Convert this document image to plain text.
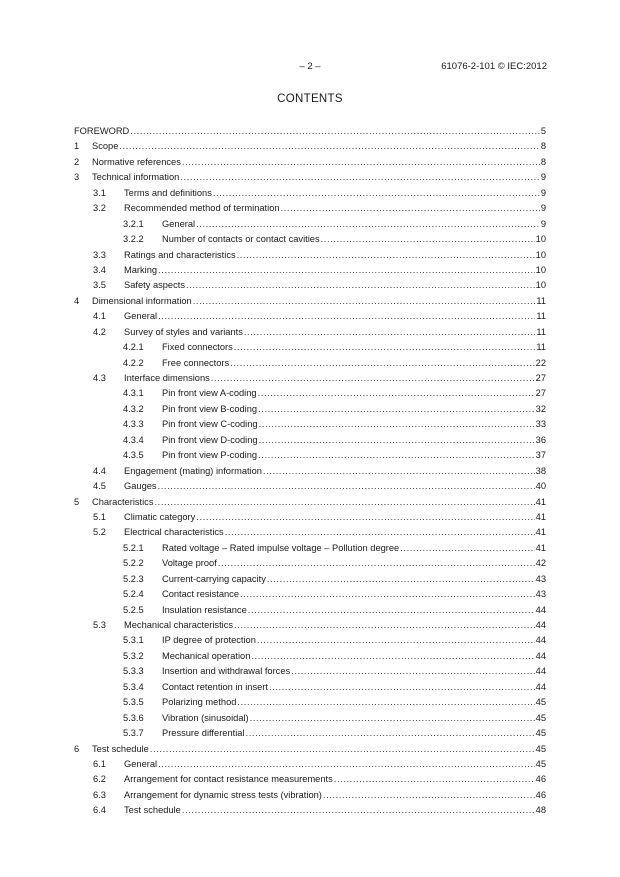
– 2 –	61076-2-101 © IEC:2012
CONTENTS
FOREWORD .....	5
1 Scope .....	8
2 Normative references .....	8
3 Technical information .....	9
3.1 Terms and definitions .....	9
3.2 Recommended method of termination .....	9
3.2.1 General .....	9
3.2.2 Number of contacts or contact cavities .....	10
3.3 Ratings and characteristics .....	10
3.4 Marking .....	10
3.5 Safety aspects .....	10
4 Dimensional information .....	11
4.1 General .....	11
4.2 Survey of styles and variants .....	11
4.2.1 Fixed connectors .....	11
4.2.2 Free connectors .....	22
4.3 Interface dimensions .....	27
4.3.1 Pin front view A-coding .....	27
4.3.2 Pin front view B-coding .....	32
4.3.3 Pin front view C-coding .....	33
4.3.4 Pin front view D-coding .....	36
4.3.5 Pin front view P-coding .....	37
4.4 Engagement (mating) information .....	38
4.5 Gauges .....	40
5 Characteristics .....	41
5.1 Climatic category .....	41
5.2 Electrical characteristics .....	41
5.2.1 Rated voltage – Rated impulse voltage – Pollution degree .....	41
5.2.2 Voltage proof .....	42
5.2.3 Current-carrying capacity .....	43
5.2.4 Contact resistance .....	43
5.2.5 Insulation resistance .....	44
5.3 Mechanical characteristics .....	44
5.3.1 IP degree of protection .....	44
5.3.2 Mechanical operation .....	44
5.3.3 Insertion and withdrawal forces .....	44
5.3.4 Contact retention in insert .....	44
5.3.5 Polarizing method .....	45
5.3.6 Vibration (sinusoidal) .....	45
5.3.7 Pressure differential .....	45
6 Test schedule .....	45
6.1 General .....	45
6.2 Arrangement for contact resistance measurements .....	46
6.3 Arrangement for dynamic stress tests (vibration) .....	46
6.4 Test schedule .....	48
